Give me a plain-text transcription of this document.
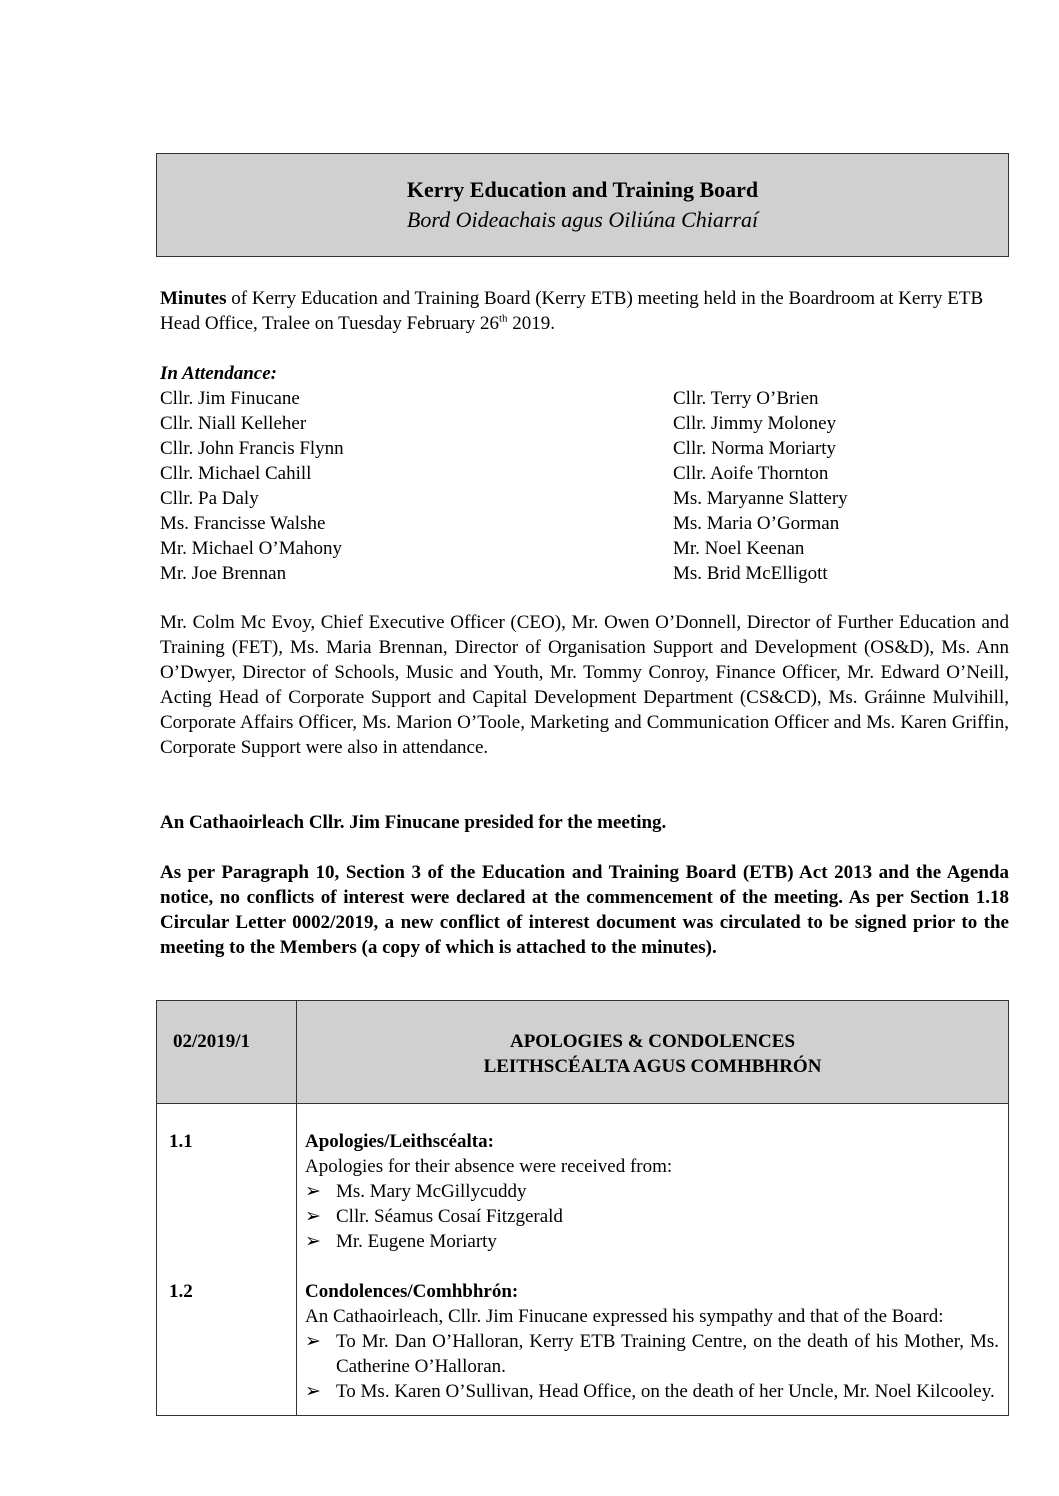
Kerry Education and Training Board
Bord Oideachais agus Oiliúna Chiarraí
Minutes of Kerry Education and Training Board (Kerry ETB) meeting held in the Boardroom at Kerry ETB Head Office, Tralee on Tuesday February 26th 2019.
In Attendance:
Cllr. Jim Finucane
Cllr. Niall Kelleher
Cllr. John Francis Flynn
Cllr. Michael Cahill
Cllr. Pa Daly
Ms. Francisse Walshe
Mr. Michael O’Mahony
Mr. Joe Brennan
Cllr. Terry O’Brien
Cllr. Jimmy Moloney
Cllr. Norma Moriarty
Cllr. Aoife Thornton
Ms. Maryanne Slattery
Ms. Maria O’Gorman
Mr. Noel Keenan
Ms. Brid McElligott
Mr. Colm Mc Evoy, Chief Executive Officer (CEO), Mr. Owen O’Donnell, Director of Further Education and Training (FET), Ms. Maria Brennan, Director of Organisation Support and Development (OS&D), Ms. Ann O’Dwyer, Director of Schools, Music and Youth, Mr. Tommy Conroy, Finance Officer, Mr. Edward O’Neill, Acting Head of Corporate Support and Capital Development Department (CS&CD), Ms. Gráinne Mulvihill, Corporate Affairs Officer, Ms. Marion O’Toole, Marketing and Communication Officer and Ms. Karen Griffin, Corporate Support were also in attendance.
An Cathaoirleach Cllr. Jim Finucane presided for the meeting.
As per Paragraph 10, Section 3 of the Education and Training Board (ETB) Act 2013 and the Agenda notice, no conflicts of interest were declared at the commencement of the meeting. As per Section 1.18 Circular Letter 0002/2019, a new conflict of interest document was circulated to be signed prior to the meeting to the Members (a copy of which is attached to the minutes).
02/2019/1	APOLOGIES & CONDOLENCES
LEITHSCÉALTA AGUS COMHBHRÓN
1.1	Apologies/Leithscéalta:
Apologies for their absence were received from:
➢ Ms. Mary McGillycuddy
➢ Cllr. Séamus Cosaí Fitzgerald
➢ Mr. Eugene Moriarty
1.2	Condolences/Comhbhrón:
An Cathaoirleach, Cllr. Jim Finucane expressed his sympathy and that of the Board:
➢ To Mr. Dan O’Halloran, Kerry ETB Training Centre, on the death of his Mother, Ms. Catherine O’Halloran.
➢ To Ms. Karen O’Sullivan, Head Office, on the death of her Uncle, Mr. Noel Kilcooley.
